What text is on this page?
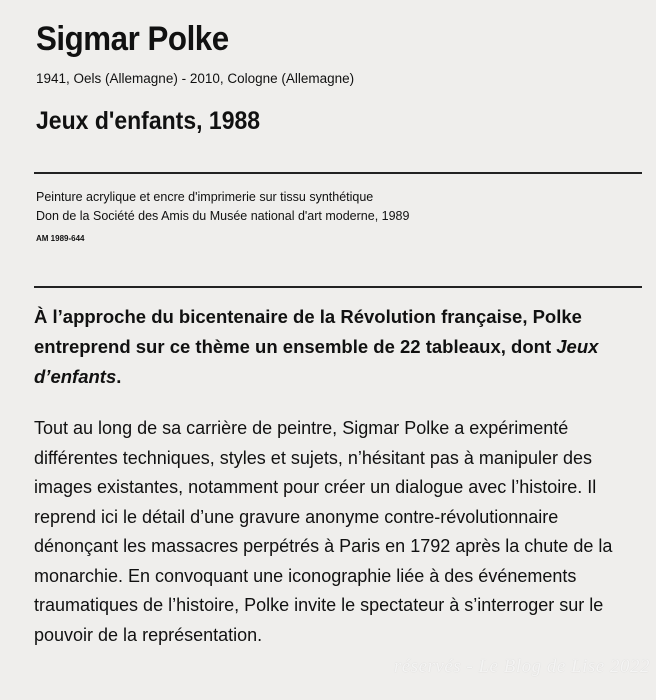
Sigmar Polke
1941, Oels (Allemagne) - 2010, Cologne (Allemagne)
Jeux d'enfants, 1988
Peinture acrylique et encre d'imprimerie sur tissu synthétique
Don de la Société des Amis du Musée national d'art moderne, 1989
AM 1989-644
À l’approche du bicentenaire de la Révolution française, Polke entreprend sur ce thème un ensemble de 22 tableaux, dont Jeux d’enfants.

Tout au long de sa carrière de peintre, Sigmar Polke a expérimenté différentes techniques, styles et sujets, n’hésitant pas à manipuler des images existantes, notamment pour créer un dialogue avec l’histoire. Il reprend ici le détail d’une gravure anonyme contre-révolutionnaire dénonçant les massacres perpétrés à Paris en 1792 après la chute de la monarchie. En convoquant une iconographie liée à des événements traumatiques de l’histoire, Polke invite le spectateur à s’interroger sur le pouvoir de la représentation.

réservés - Le Blog de Lise 2022
